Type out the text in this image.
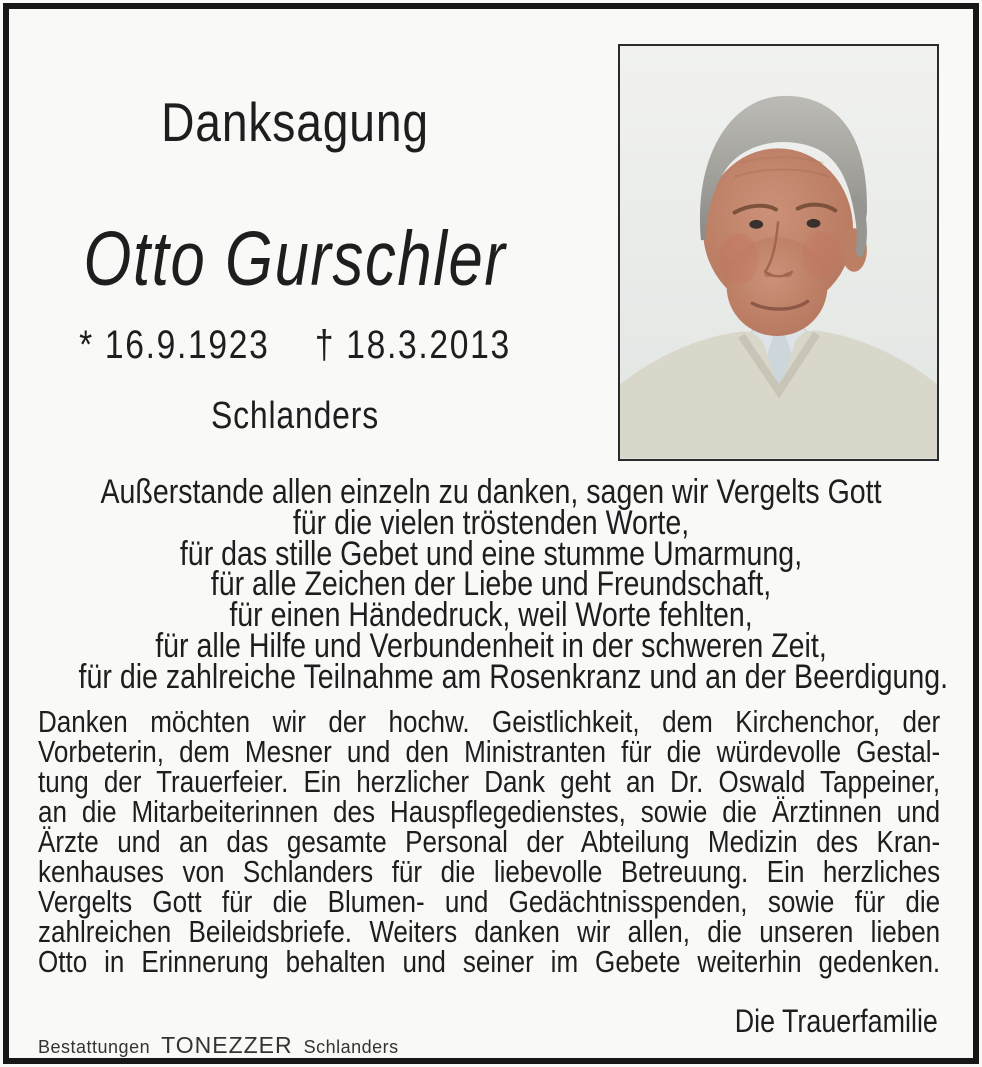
Danksagung
Otto Gurschler
* 16.9.1923 † 18.3.2013
Schlanders
Außerstande allen einzeln zu danken, sagen wir Vergelts Gott
für die vielen tröstenden Worte,
für das stille Gebet und eine stumme Umarmung,
für alle Zeichen der Liebe und Freundschaft,
für einen Händedruck, weil Worte fehlten,
für alle Hilfe und Verbundenheit in der schweren Zeit,
für die zahlreiche Teilnahme am Rosenkranz und an der Beerdigung.
Danken möchten wir der hochw. Geistlichkeit, dem Kirchenchor, der
Vorbeterin, dem Mesner und den Ministranten für die würdevolle Gestal-
tung der Trauerfeier. Ein herzlicher Dank geht an Dr. Oswald Tappeiner,
an die Mitarbeiterinnen des Hauspflegedienstes, sowie die Ärztinnen und
Ärzte und an das gesamte Personal der Abteilung Medizin des Kran-
kenhauses von Schlanders für die liebevolle Betreuung. Ein herzliches
Vergelts Gott für die Blumen- und Gedächtnisspenden, sowie für die
zahlreichen Beileidsbriefe. Weiters danken wir allen, die unseren lieben
Otto in Erinnerung behalten und seiner im Gebete weiterhin gedenken.
Die Trauerfamilie
Bestattungen TONEZZER Schlanders
